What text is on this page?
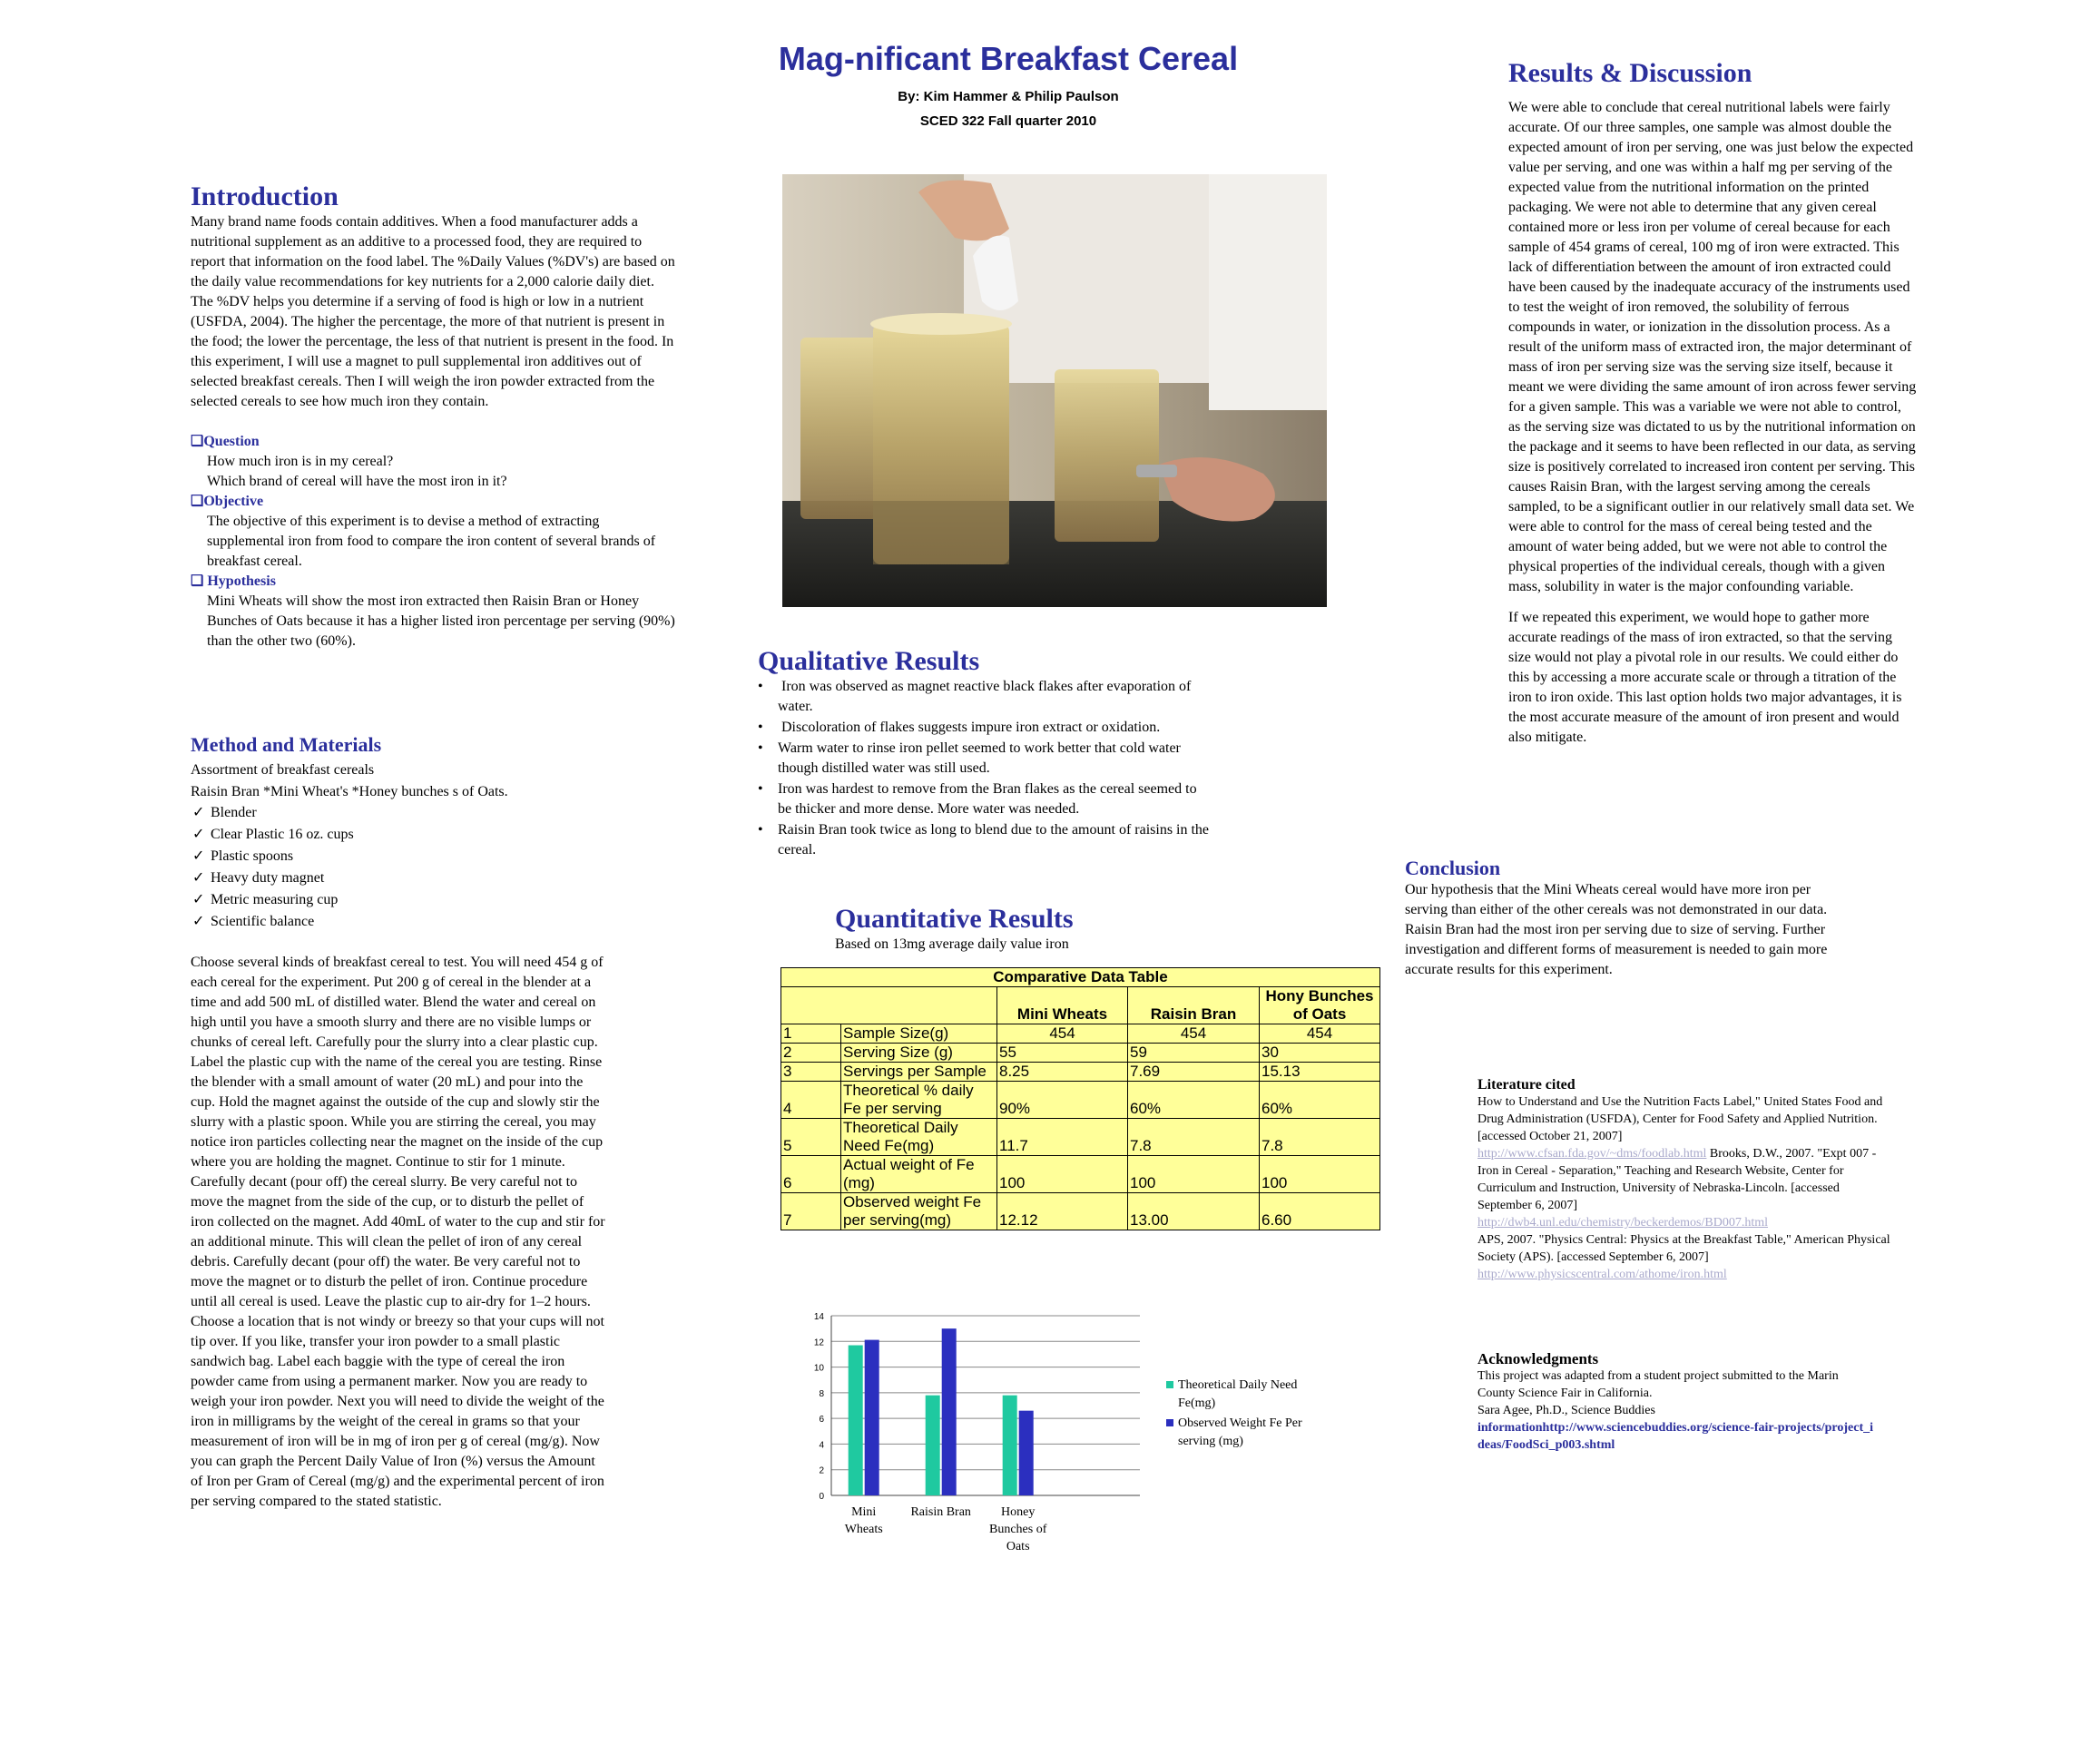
Mag-nificant Breakfast Cereal
By: Kim Hammer & Philip Paulson
SCED 322 Fall quarter 2010
Introduction

Many brand name foods contain additives. When a food manufacturer adds a nutritional supplement as an additive to a processed food, they are required to report that information on the food label. The %Daily Values (%DV's) are based on the daily value recommendations for key nutrients for a 2,000 calorie daily diet. The %DV helps you determine if a serving of food is high or low in a nutrient (USFDA, 2004). The higher the percentage, the more of that nutrient is present in the food; the lower the percentage, the less of that nutrient is present in the food. In this experiment, I will use a magnet to pull supplemental iron additives out of selected breakfast cereals. Then I will weigh the iron powder extracted from the selected cereals to see how much iron they contain.

❑Question
How much iron is in my cereal?
Which brand of cereal will have the most iron in it?
❑Objective
The objective of this experiment is to devise a method of extracting supplemental iron from food to compare the iron content of several brands of breakfast cereal.
❑ Hypothesis
Mini Wheats will show the most iron extracted then Raisin Bran or Honey Bunches of Oats because it has a higher listed iron percentage per serving (90%) than the other two (60%).
Method and Materials

Assortment of breakfast cereals

Raisin Bran *Mini Wheat's *Honey bunches s of Oats.

✓ Blender
✓ Clear Plastic 16 oz. cups
✓ Plastic spoons
✓ Heavy duty magnet
✓ Metric measuring cup
✓ Scientific balance

Choose several kinds of breakfast cereal to test. You will need 454 g of each cereal for the experiment. Put 200 g of cereal in the blender at a time and add 500 mL of distilled water. Blend the water and cereal on high until you have a smooth slurry and there are no visible lumps or chunks of cereal left. Carefully pour the slurry into a clear plastic cup. Label the plastic cup with the name of the cereal you are testing. Rinse the blender with a small amount of water (20 mL) and pour into the cup. Hold the magnet against the outside of the cup and slowly stir the slurry with a plastic spoon. While you are stirring the cereal, you may notice iron particles collecting near the magnet on the inside of the cup where you are holding the magnet. Continue to stir for 1 minute. Carefully decant (pour off) the cereal slurry. Be very careful not to move the magnet from the side of the cup, or to disturb the pellet of iron collected on the magnet. Add 40mL of water to the cup and stir for an additional minute. This will clean the pellet of iron of any cereal debris. Carefully decant (pour off) the water. Be very careful not to move the magnet or to disturb the pellet of iron. Continue procedure until all cereal is used. Leave the plastic cup to air-dry for 1–2 hours. Choose a location that is not windy or breezy so that your cups will not tip over. If you like, transfer your iron powder to a small plastic sandwich bag. Label each baggie with the type of cereal the iron powder came from using a permanent marker. Now you are ready to weigh your iron powder. Next you will need to divide the weight of the iron in milligrams by the weight of the cereal in grams so that your measurement of iron will be in mg of iron per g of cereal (mg/g). Now you can graph the Percent Daily Value of Iron (%) versus the Amount of Iron per Gram of Cereal (mg/g) and the experimental percent of iron per serving compared to the stated statistic.

Qualitative Results
• Iron was observed as magnet reactive black flakes after evaporation of water.
• Discoloration of flakes suggests impure iron extract or oxidation.
• Warm water to rinse iron pellet seemed to work better that cold water though distilled water was still used.
• Iron was hardest to remove from the Bran flakes as the cereal seemed to be thicker and more dense. More water was needed.
• Raisin Bran took twice as long to blend due to the amount of raisins in the cereal.
Quantitative Results

Based on 13mg average daily value iron

Comparative Data Table				
		Mini Wheats	Raisin Bran	Hony Bunches of Oats
1	Sample Size(g)	454	454	454
2	Serving Size (g)	55	59	30
3	Servings per Sample	8.25	7.69	15.13
4	Theoretical % daily Fe per serving	90%	60%	60%
5	Theoretical Daily Need Fe(mg)	11.7	7.8	7.8
6	Actual weight of Fe (mg)	100	100	100
7	Observed weight Fe per serving(mg)	12.12	13.00	6.60
0
2
4
6
8
10
12
14
Mini
Wheats
Raisin Bran Honey
Bunches of
Oats
Theoretical Daily Need
Fe(mg)
Observed Weight Fe Per
serving (mg)
Results & Discussion

We were able to conclude that cereal nutritional labels were fairly accurate. Of our three samples, one sample was almost double the expected amount of iron per serving, one was just below the expected value per serving, and one was within a half mg per serving of the expected value from the nutritional information on the printed packaging. We were not able to determine that any given cereal contained more or less iron per volume of cereal because for each sample of 454 grams of cereal, 100 mg of iron were extracted. This lack of differentiation between the amount of iron extracted could have been caused by the inadequate accuracy of the instruments used to test the weight of iron removed, the solubility of ferrous compounds in water, or ionization in the dissolution process. As a result of the uniform mass of extracted iron, the major determinant of mass of iron per serving size was the serving size itself, because it meant we were dividing the same amount of iron across fewer serving for a given sample. This was a variable we were not able to control, as the serving size was dictated to us by the nutritional information on the package and it seems to have been reflected in our data, as serving size is positively correlated to increased iron content per serving. This causes Raisin Bran, with the largest serving among the cereals sampled, to be a significant outlier in our relatively small data set. We were able to control for the mass of cereal being tested and the amount of water being added, but we were not able to control the physical properties of the individual cereals, though with a given mass, solubility in water is the major confounding variable.

If we repeated this experiment, we would hope to gather more accurate readings of the mass of iron extracted, so that the serving size would not play a pivotal role in our results. We could either do this by accessing a more accurate scale or through a titration of the iron to iron oxide. This last option holds two major advantages, it is the most accurate measure of the amount of iron present and would also mitigate.

Conclusion

Our hypothesis that the Mini Wheats cereal would have more iron per serving than either of the other cereals was not demonstrated in our data. Raisin Bran had the most iron per serving due to size of serving. Further investigation and different forms of measurement is needed to gain more accurate results for this experiment.

Literature cited

How to Understand and Use the Nutrition Facts Label," United States Food and Drug Administration (USFDA), Center for Food Safety and Applied Nutrition. [accessed October 21, 2007]

http://www.cfsan.fda.gov/~dms/foodlab.html Brooks, D.W., 2007. "Expt 007 - Iron in Cereal - Separation," Teaching and Research Website, Center for Curriculum and Instruction, University of Nebraska-Lincoln. [accessed September 6, 2007]

http://dwb4.unl.edu/chemistry/beckerdemos/BD007.html

APS, 2007. "Physics Central: Physics at the Breakfast Table," American Physical Society (APS). [accessed September 6, 2007]

http://www.physicscentral.com/athome/iron.html

Acknowledgments

This project was adapted from a student project submitted to the Marin County Science Fair in California.

Sara Agee, Ph.D., Science Buddies

informationhttp://www.sciencebuddies.org/science-fair-projects/project_ideas/FoodSci_p003.shtml
